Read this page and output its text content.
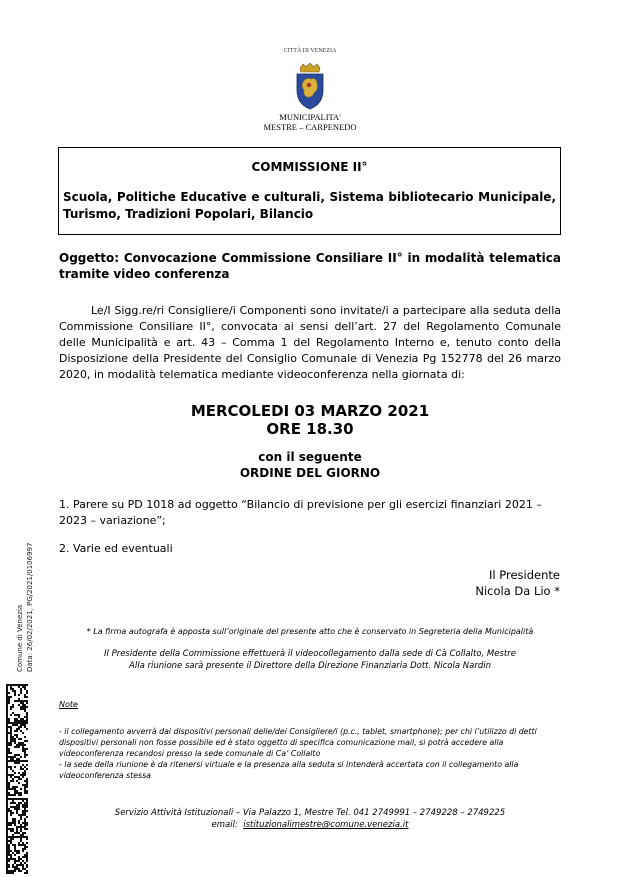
CITTÀ DI VENEZIA
MUNICIPALITA'
MESTRE – CARPENEDO
COMMISSIONE II°
Scuola, Politiche Educative e culturali, Sistema bibliotecario Municipale, Turismo, Tradizioni Popolari, Bilancio
Oggetto: Convocazione Commissione Consiliare II° in modalità telematica tramite video conferenza
Le/I Sigg.re/ri Consigliere/i Componenti sono invitate/i a partecipare alla seduta della Commissione Consiliare II°, convocata ai sensi dell’art. 27 del Regolamento Comunale delle Municipalità e art. 43 – Comma 1 del Regolamento Interno e, tenuto conto della Disposizione della Presidente del Consiglio Comunale di Venezia Pg 152778 del 26 marzo 2020, in modalità telematica mediante videoconferenza nella giornata di:
MERCOLEDI 03 MARZO 2021
ORE 18.30
con il seguente
ORDINE DEL GIORNO
1. Parere su PD 1018 ad oggetto “Bilancio di previsione per gli esercizi finanziari 2021 – 2023 – variazione”;
2. Varie ed eventuali
Il Presidente
Nicola Da Lio *
* La firma autografa è apposta sull’originale del presente atto che è conservato in Segreteria della Municipalità
Il Presidente della Commissione effettuerà il videocollegamento dalla sede di Cà Collalto, Mestre
Alla riunione sarà presente il Direttore della Direzione Finanziaria Dott. Nicola Nardin
Note
- il collegamento avverrà dai dispositivi personali delle/dei Consigliere/i (p.c., tablet, smartphone); per chi l’utilizzo di detti dispositivi personali non fosse possibile ed è stato oggetto di specifica comunicazione mail, si potrà accedere alla videoconferenza recandosi presso la sede comunale di Ca’ Collalto
- la sede della riunione è da ritenersi virtuale e la presenza alla seduta si intenderà accertata con il collegamento alla videoconferenza stessa
Servizio Attività Istituzionali – Via Palazzo 1, Mestre Tel. 041 2749991 – 2749228 – 2749225
email: istituzionalimestre@comune.venezia.it
Comune di Venezia Data: 26/02/2021, PG/2021/0106997
